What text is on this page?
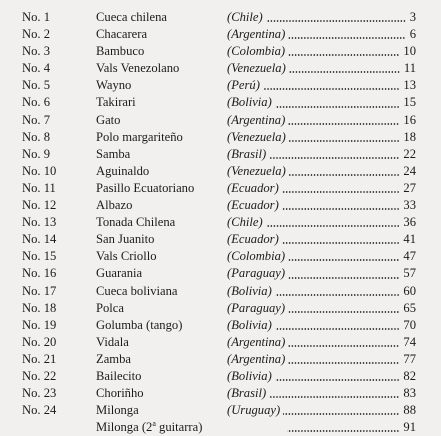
No. 1	Cueca chilena	( Chile )	3
No. 2	Chacarera	( Argentina )	6
No. 3	Bambuco	( Colombia )	10
No. 4	Vals Venezolano	( Venezuela )	11
No. 5	Wayno	( Perú )	13
No. 6	Takirari	( Bolivia )	15
No. 7	Gato	( Argentina )	16
No. 8	Polo margariteño	( Venezuela )	18
No. 9	Samba	( Brasil )	22
No. 10	Aguinaldo	( Venezuela )	24
No. 11	Pasillo Ecuatoriano	( Ecuador )	27
No. 12	Albazo	( Ecuador )	33
No. 13	Tonada Chilena	( Chile )	36
No. 14	San Juanito	( Ecuador )	41
No. 15	Vals Criollo	( Colombia )	47
No. 16	Guarania	( Paraguay )	57
No. 17	Cueca boliviana	( Bolivia )	60
No. 18	Polca	( Paraguay )	65
No. 19	Golumba (tango)	( Bolivia )	70
No. 20	Vidala	( Argentina )	74
No. 21	Zamba	( Argentina )	77
No. 22	Bailecito	( Bolivia )	82
No. 23	Choriñho	( Brasil )	83
No. 24	Milonga	( Uruguay )	88
Milonga (2$^a$ guitarra)	91
